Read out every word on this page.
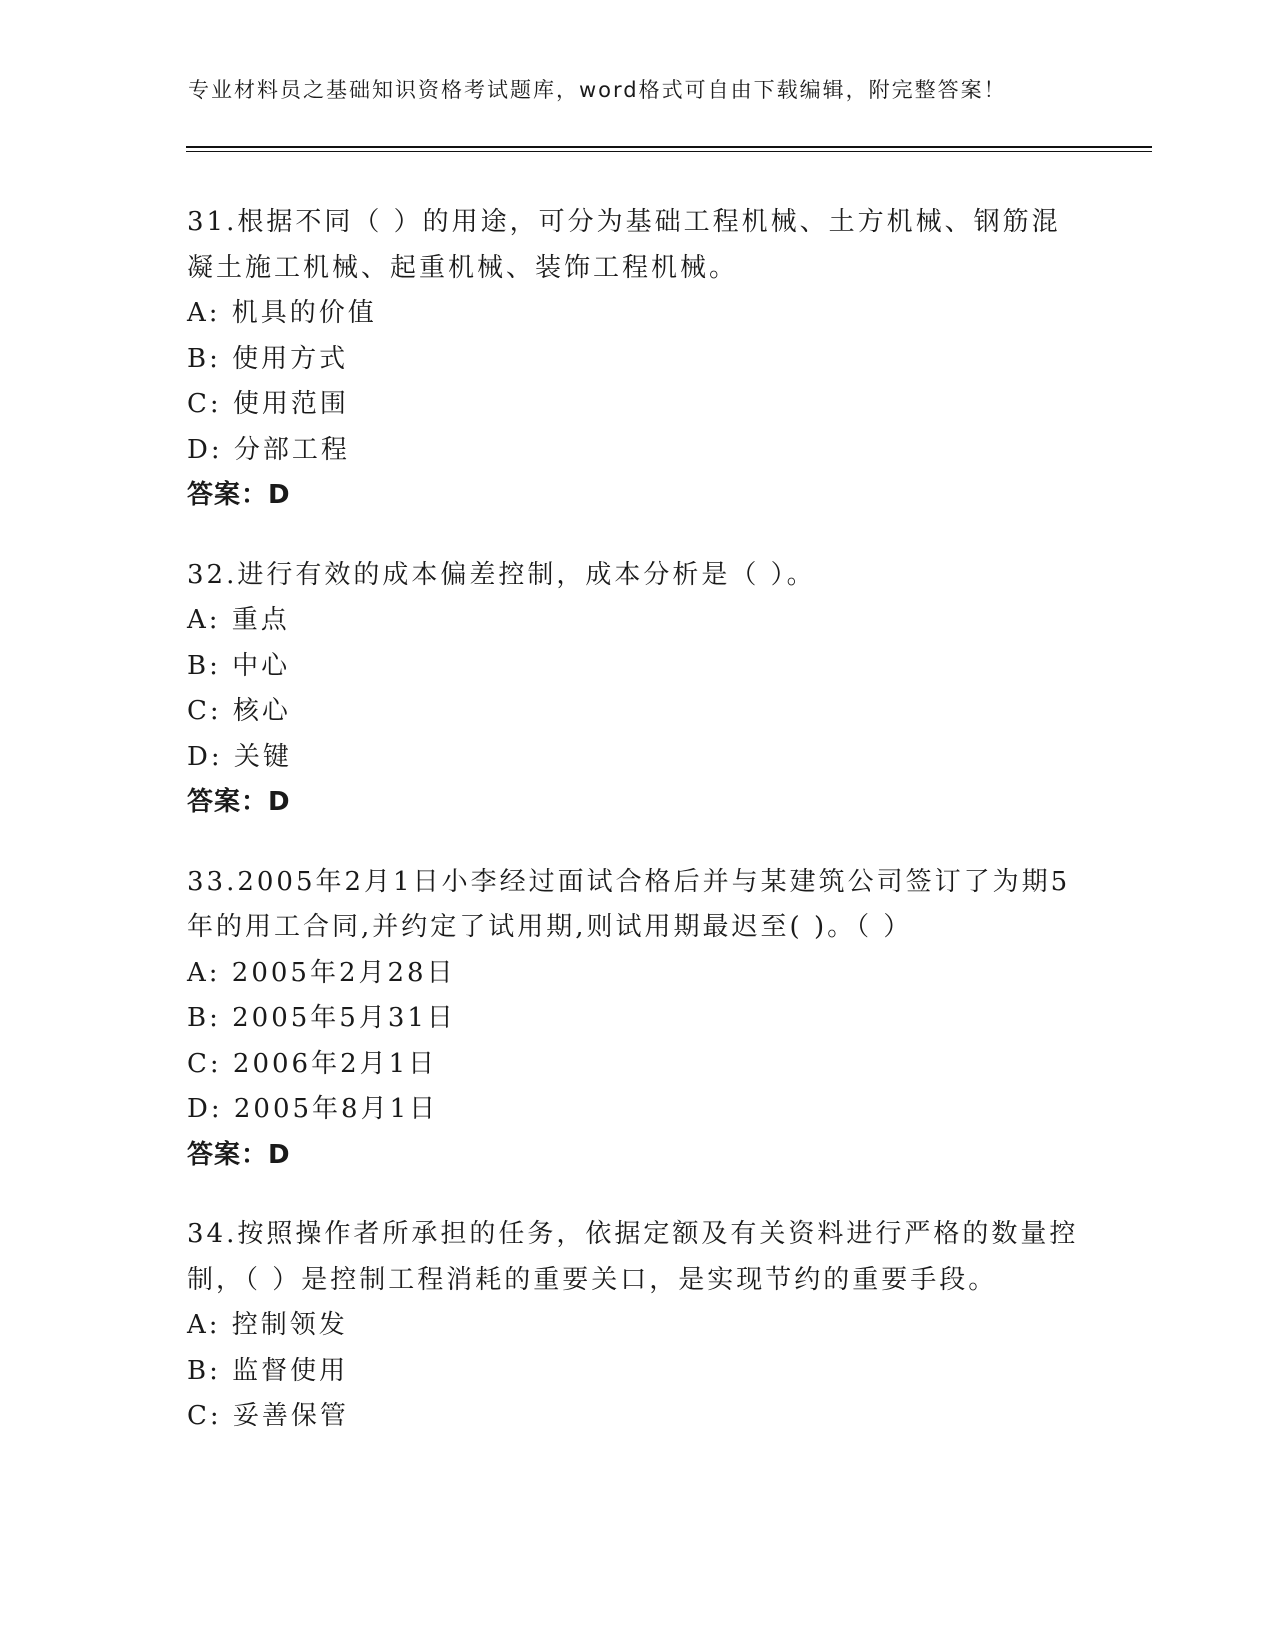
专业材料员之基础知识资格考试题库，word格式可自由下载编辑，附完整答案！
31.根据不同（ ）的用途，可分为基础工程机械、土方机械、钢筋混
凝土施工机械、起重机械、装饰工程机械。
A: 机具的价值
B: 使用方式
C: 使用范围
D: 分部工程
答案：D
32.进行有效的成本偏差控制，成本分析是（ ）。
A: 重点
B: 中心
C: 核心
D: 关键
答案：D
33.2005年2月1日小李经过面试合格后并与某建筑公司签订了为期5
年的用工合同,并约定了试用期,则试用期最迟至( )。（ ）
A: 2005年2月28日
B: 2005年5月31日
C: 2006年2月1日
D: 2005年8月1日
答案：D
34.按照操作者所承担的任务，依据定额及有关资料进行严格的数量控
制，（ ）是控制工程消耗的重要关口，是实现节约的重要手段。
A: 控制领发
B: 监督使用
C: 妥善保管
